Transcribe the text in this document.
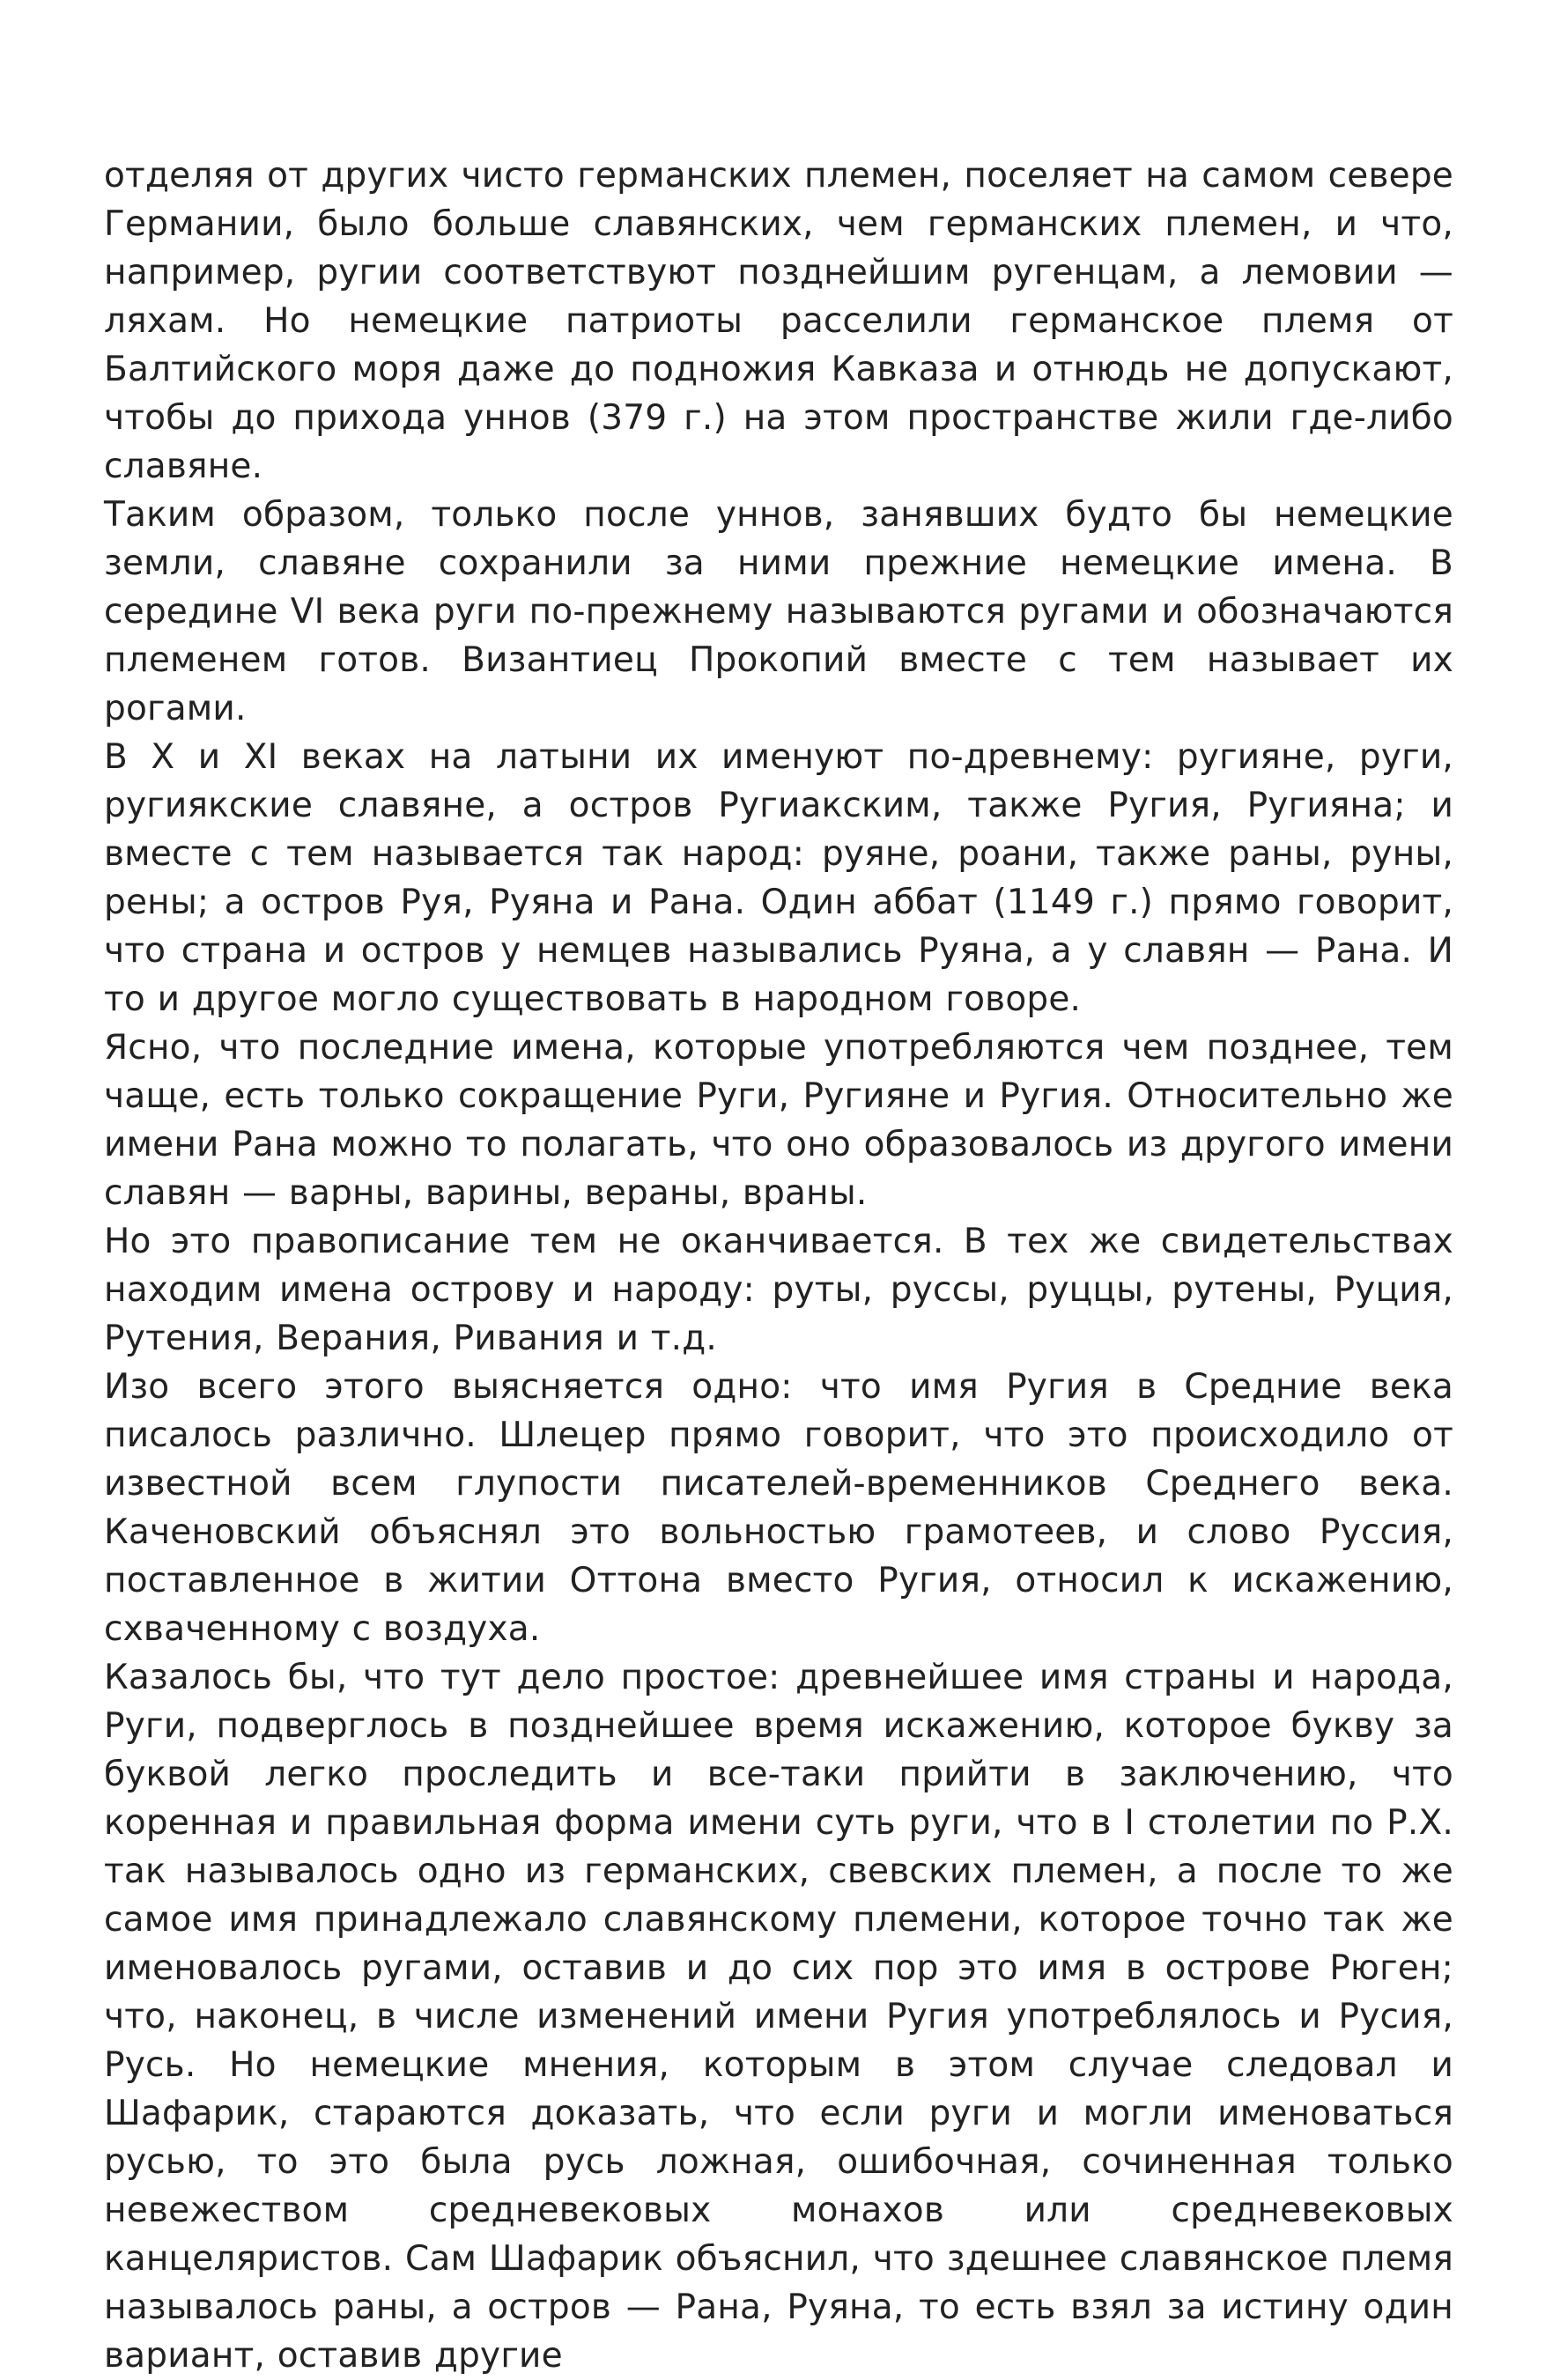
отделяя от других чисто германских племен, поселяет на самом севере Германии, было больше славянских, чем германских племен, и что, например, ругии соответствуют позднейшим ругенцам, а лемовии — ляхам. Но немецкие патриоты расселили германское племя от Балтийского моря даже до подножия Кавказа и отнюдь не допускают, чтобы до прихода уннов (379 г.) на этом пространстве жили где-либо славяне.

Таким образом, только после уннов, занявших будто бы немецкие земли, славяне сохранили за ними прежние немецкие имена. В середине VI века руги по-прежнему называются ругами и обозначаются племенем готов. Византиец Прокопий вместе с тем называет их рогами.

В X и XI веках на латыни их именуют по-древнему: ругияне, руги, ругиякские славяне, а остров Ругиакским, также Ругия, Ругияна; и вместе с тем называется так народ: руяне, роани, также раны, руны, рены; а остров Руя, Руяна и Рана. Один аббат (1149 г.) прямо говорит, что страна и остров у немцев назывались Руяна, а у славян — Рана. И то и другое могло существовать в народном говоре.

Ясно, что последние имена, которые употребляются чем позднее, тем чаще, есть только сокращение Руги, Ругияне и Ругия. Относительно же имени Рана можно то полагать, что оно образовалось из другого имени славян — варны, варины, вераны, враны.

Но это правописание тем не оканчивается. В тех же свидетельствах находим имена острову и народу: руты, руссы, руццы, рутены, Руция, Рутения, Верания, Ривания и т.д.

Изо всего этого выясняется одно: что имя Ругия в Средние века писалось различно. Шлецер прямо говорит, что это происходило от известной всем глупости писателей-временников Среднего века. Каченовский объяснял это вольностью грамотеев, и слово Руссия, поставленное в житии Оттона вместо Ругия, относил к искажению, схваченному с воздуха.

Казалось бы, что тут дело простое: древнейшее имя страны и народа, Руги, подверглось в позднейшее время искажению, которое букву за буквой легко проследить и все-таки прийти в заключению, что коренная и правильная форма имени суть руги, что в I столетии по Р.Х. так называлось одно из германских, свевских племен, а после то же самое имя принадлежало славянскому племени, которое точно так же именовалось ругами, оставив и до сих пор это имя в острове Рюген; что, наконец, в числе изменений имени Ругия употреблялось и Русия, Русь. Но немецкие мнения, которым в этом случае следовал и Шафарик, стараются доказать, что если руги и могли именоваться русью, то это была русь ложная, ошибочная, сочиненная только невежеством средневековых монахов или средневековых канцеляристов. Сам Шафарик объяснил, что здешнее славянское племя называлось раны, а остров — Рана, Руяна, то есть взял за истину один вариант, оставив другие
